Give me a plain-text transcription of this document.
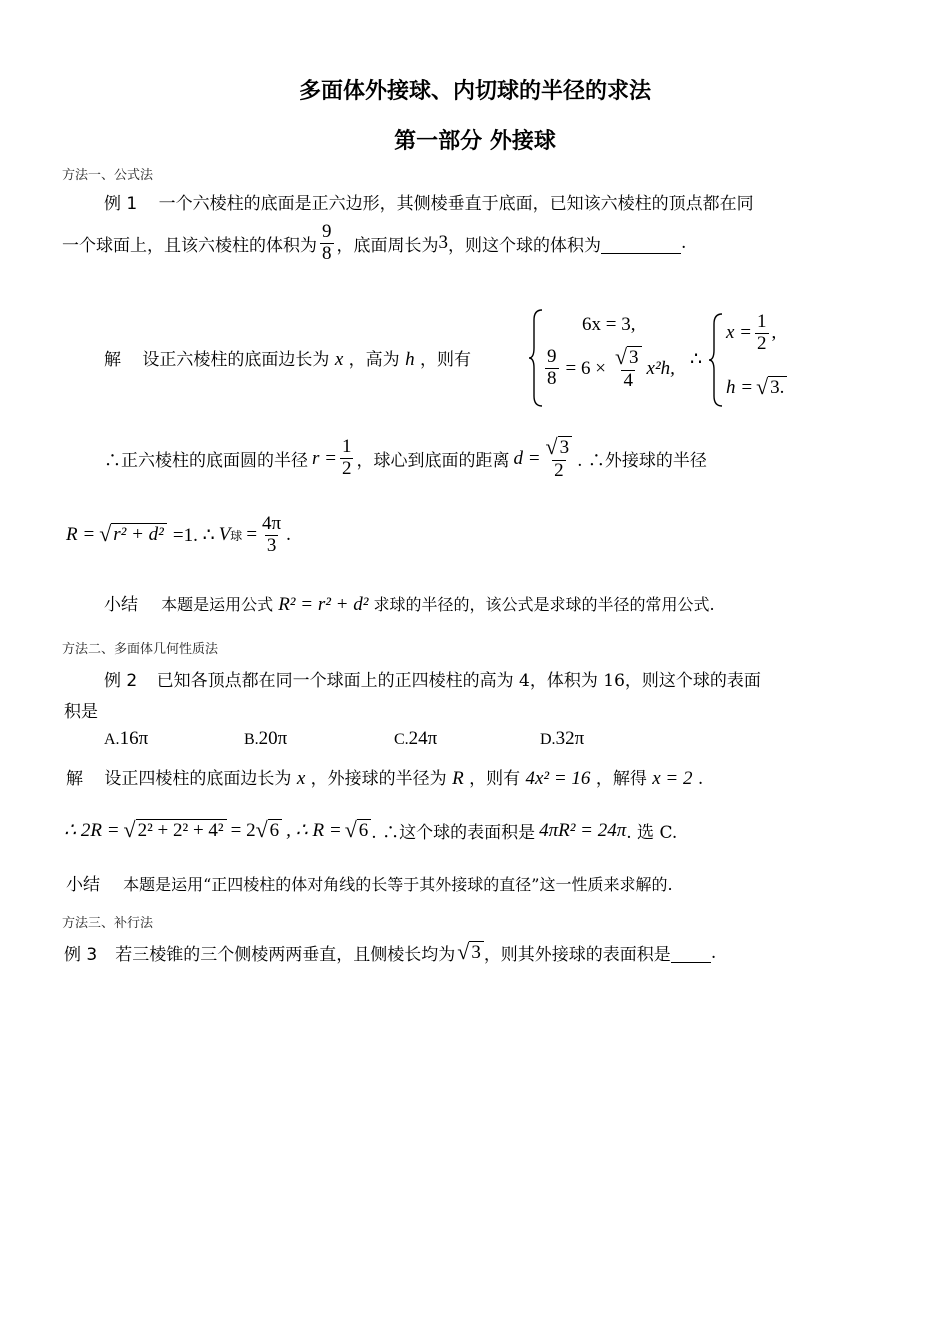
多面体外接球、内切球的半径的求法
第一部分 外接球
方法一、公式法
例 1 一个六棱柱的底面是正六边形，其侧棱垂直于底面，已知该六棱柱的顶点都在同
一个球面上，且该六棱柱的体积为 $\frac{9}{8}$ ，底面周长为 3 ，则这个球的体积为
	.
解 设正六棱柱的底面边长为 x ，高为 h ，则有
6x = 3,
$\frac{9}{8} = 6 \times \frac{√ 3}{4} x^2h$, ∴
$x = \frac{1}{2}$ ,
h = √ 3.
∴正六棱柱的底面圆的半径 $r = \frac{1}{2}$ ，球心到底面的距离 $d = \frac{√ 3}{2}$ . ∴外接球的半径
R = √ r² + d² =1. ∴ V 球 = $\frac{4\pi}{3}$ .
小结 本题是运用公式 R² = r² + d² 求球的半径的，该公式是求球的半径的常用公式.
方法二、多面体几何性质法
例 2 已知各顶点都在同一个球面上的正四棱柱的高为 4，体积为 16，则这个球的表面
积是
A.16π	B.20π	C.24π	D.32π
解 设正四棱柱的底面边长为 x ，外接球的半径为 R ，则有 4x² = 16 ，解得 x = 2 .
∴ 2R = √ 2² + 2² + 4² = 2 √ 6 , ∴ R = √ 6 . ∴这个球的表面积是 4πR² = 24π . 选 C.
小结 本题是运用“正四棱柱的体对角线的长等于其外接球的直径”这一性质来求解的.
方法三、补行法
例 3 若三棱锥的三个侧棱两两垂直，且侧棱长均为 √ 3 ，则其外接球的表面积是
.
